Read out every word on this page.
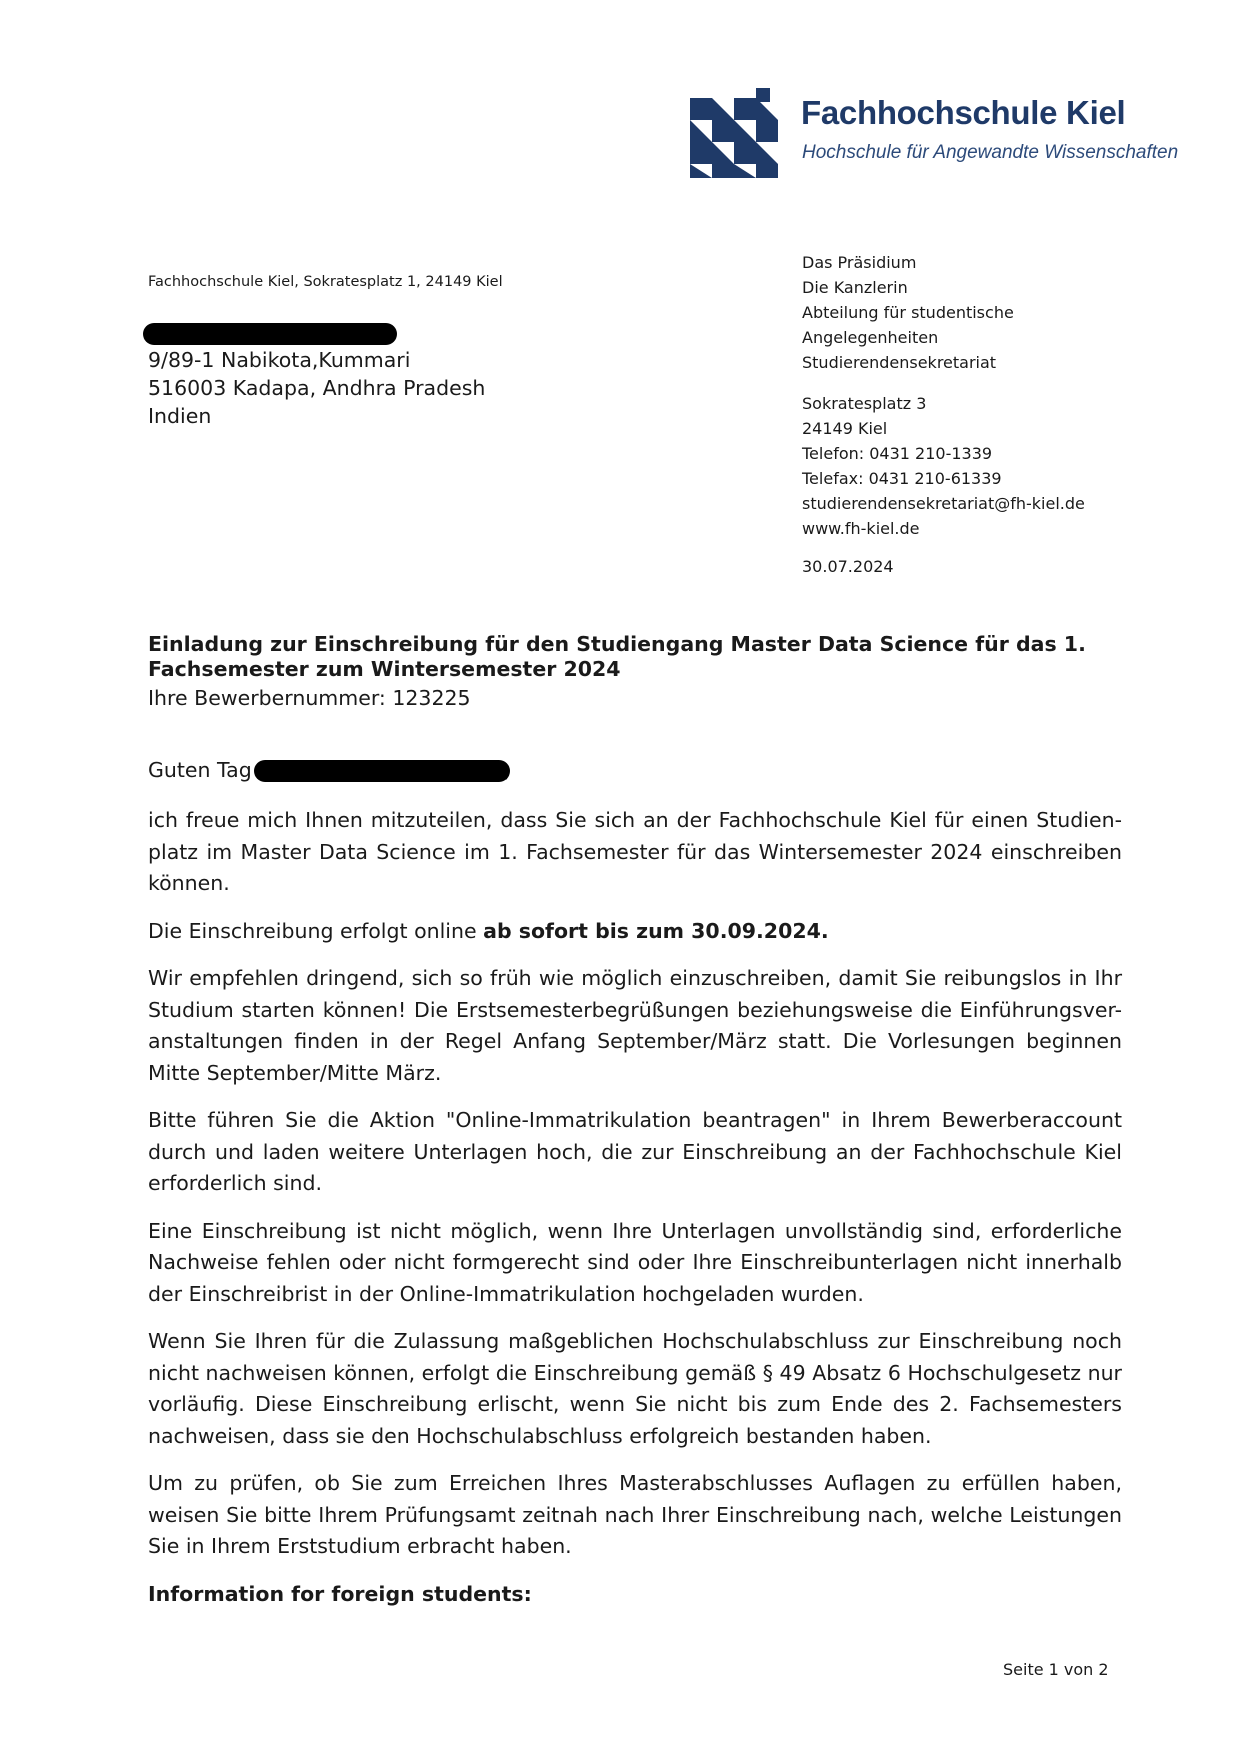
Fachhochschule Kiel
Hochschule für Angewandte Wissenschaften
Fachhochschule Kiel, Sokratesplatz 1, 24149 Kiel
9/89-1 Nabikota,Kummari
516003 Kadapa, Andhra Pradesh
Indien
Das Präsidium
Die Kanzlerin
Abteilung für studentische
Angelegenheiten
Studierendensekretariat
Sokratesplatz 3
24149 Kiel
Telefon: 0431 210-1339
Telefax: 0431 210-61339
studierendensekretariat@fh-kiel.de
www.fh-kiel.de
30.07.2024
Einladung zur Einschreibung für den Studiengang Master Data Science für das 1. Fachsemester zum Wintersemester 2024
Ihre Bewerbernummer: 123225
Guten Tag

ich freue mich Ihnen mitzuteilen, dass Sie sich an der Fachhochschule Kiel für einen Studien-platz im Master Data Science im 1. Fachsemester für das Wintersemester 2024 einschreiben können.

Die Einschreibung erfolgt online ab sofort bis zum 30.09.2024.

Wir empfehlen dringend, sich so früh wie möglich einzuschreiben, damit Sie reibungslos in Ihr Studium starten können! Die Erstsemesterbegrüßungen beziehungsweise die Einführungsver-anstaltungen finden in der Regel Anfang September/März statt. Die Vorlesungen beginnen Mitte September/Mitte März.

Bitte führen Sie die Aktion "Online-Immatrikulation beantragen" in Ihrem Bewerberaccount durch und laden weitere Unterlagen hoch, die zur Einschreibung an der Fachhochschule Kiel erforderlich sind.

Eine Einschreibung ist nicht möglich, wenn Ihre Unterlagen unvollständig sind, erforderliche Nachweise fehlen oder nicht formgerecht sind oder Ihre Einschreibunterlagen nicht innerhalb der Einschreibrist in der Online-Immatrikulation hochgeladen wurden.

Wenn Sie Ihren für die Zulassung maßgeblichen Hochschulabschluss zur Einschreibung noch nicht nachweisen können, erfolgt die Einschreibung gemäß § 49 Absatz 6 Hochschulgesetz nur vorläufig. Diese Einschreibung erlischt, wenn Sie nicht bis zum Ende des 2. Fachsemesters nachweisen, dass sie den Hochschulabschluss erfolgreich bestanden haben.

Um zu prüfen, ob Sie zum Erreichen Ihres Masterabschlusses Auflagen zu erfüllen haben, weisen Sie bitte Ihrem Prüfungsamt zeitnah nach Ihrer Einschreibung nach, welche Leistungen Sie in Ihrem Erststudium erbracht haben.

Information for foreign students:

Seite 1 von 2
